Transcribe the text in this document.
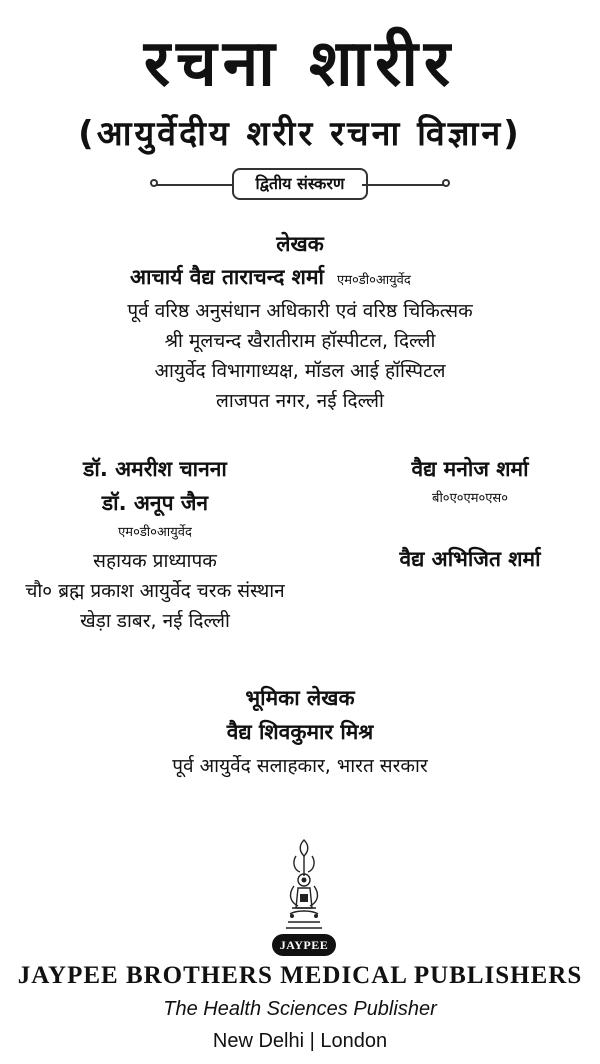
रचना शारीर
(आयुर्वेदीय शरीर रचना विज्ञान)
द्वितीय संस्करण
लेखक
आचार्य वैद्य ताराचन्द शर्मा एम०डी०आयुर्वेद
पूर्व वरिष्ठ अनुसंधान अधिकारी एवं वरिष्ठ चिकित्सक
श्री मूलचन्द खैरातीराम हॉस्पीटल, दिल्ली
आयुर्वेद विभागाध्यक्ष, मॉडल आई हॉस्पिटल
लाजपत नगर, नई दिल्ली
डॉ. अमरीश चानना
डॉ. अनूप जैन
एम०डी०आयुर्वेद
सहायक प्राध्यापक
चौ० ब्रह्म प्रकाश आयुर्वेद चरक संस्थान
खेड़ा डाबर, नई दिल्ली
वैद्य मनोज शर्मा
बी०ए०एम०एस०
वैद्य अभिजित शर्मा
भूमिका लेखक
वैद्य शिवकुमार मिश्र
पूर्व आयुर्वेद सलाहकार, भारत सरकार
JAYPEE
JAYPEE BROTHERS MEDICAL PUBLISHERS
The Health Sciences Publisher
New Delhi | London
